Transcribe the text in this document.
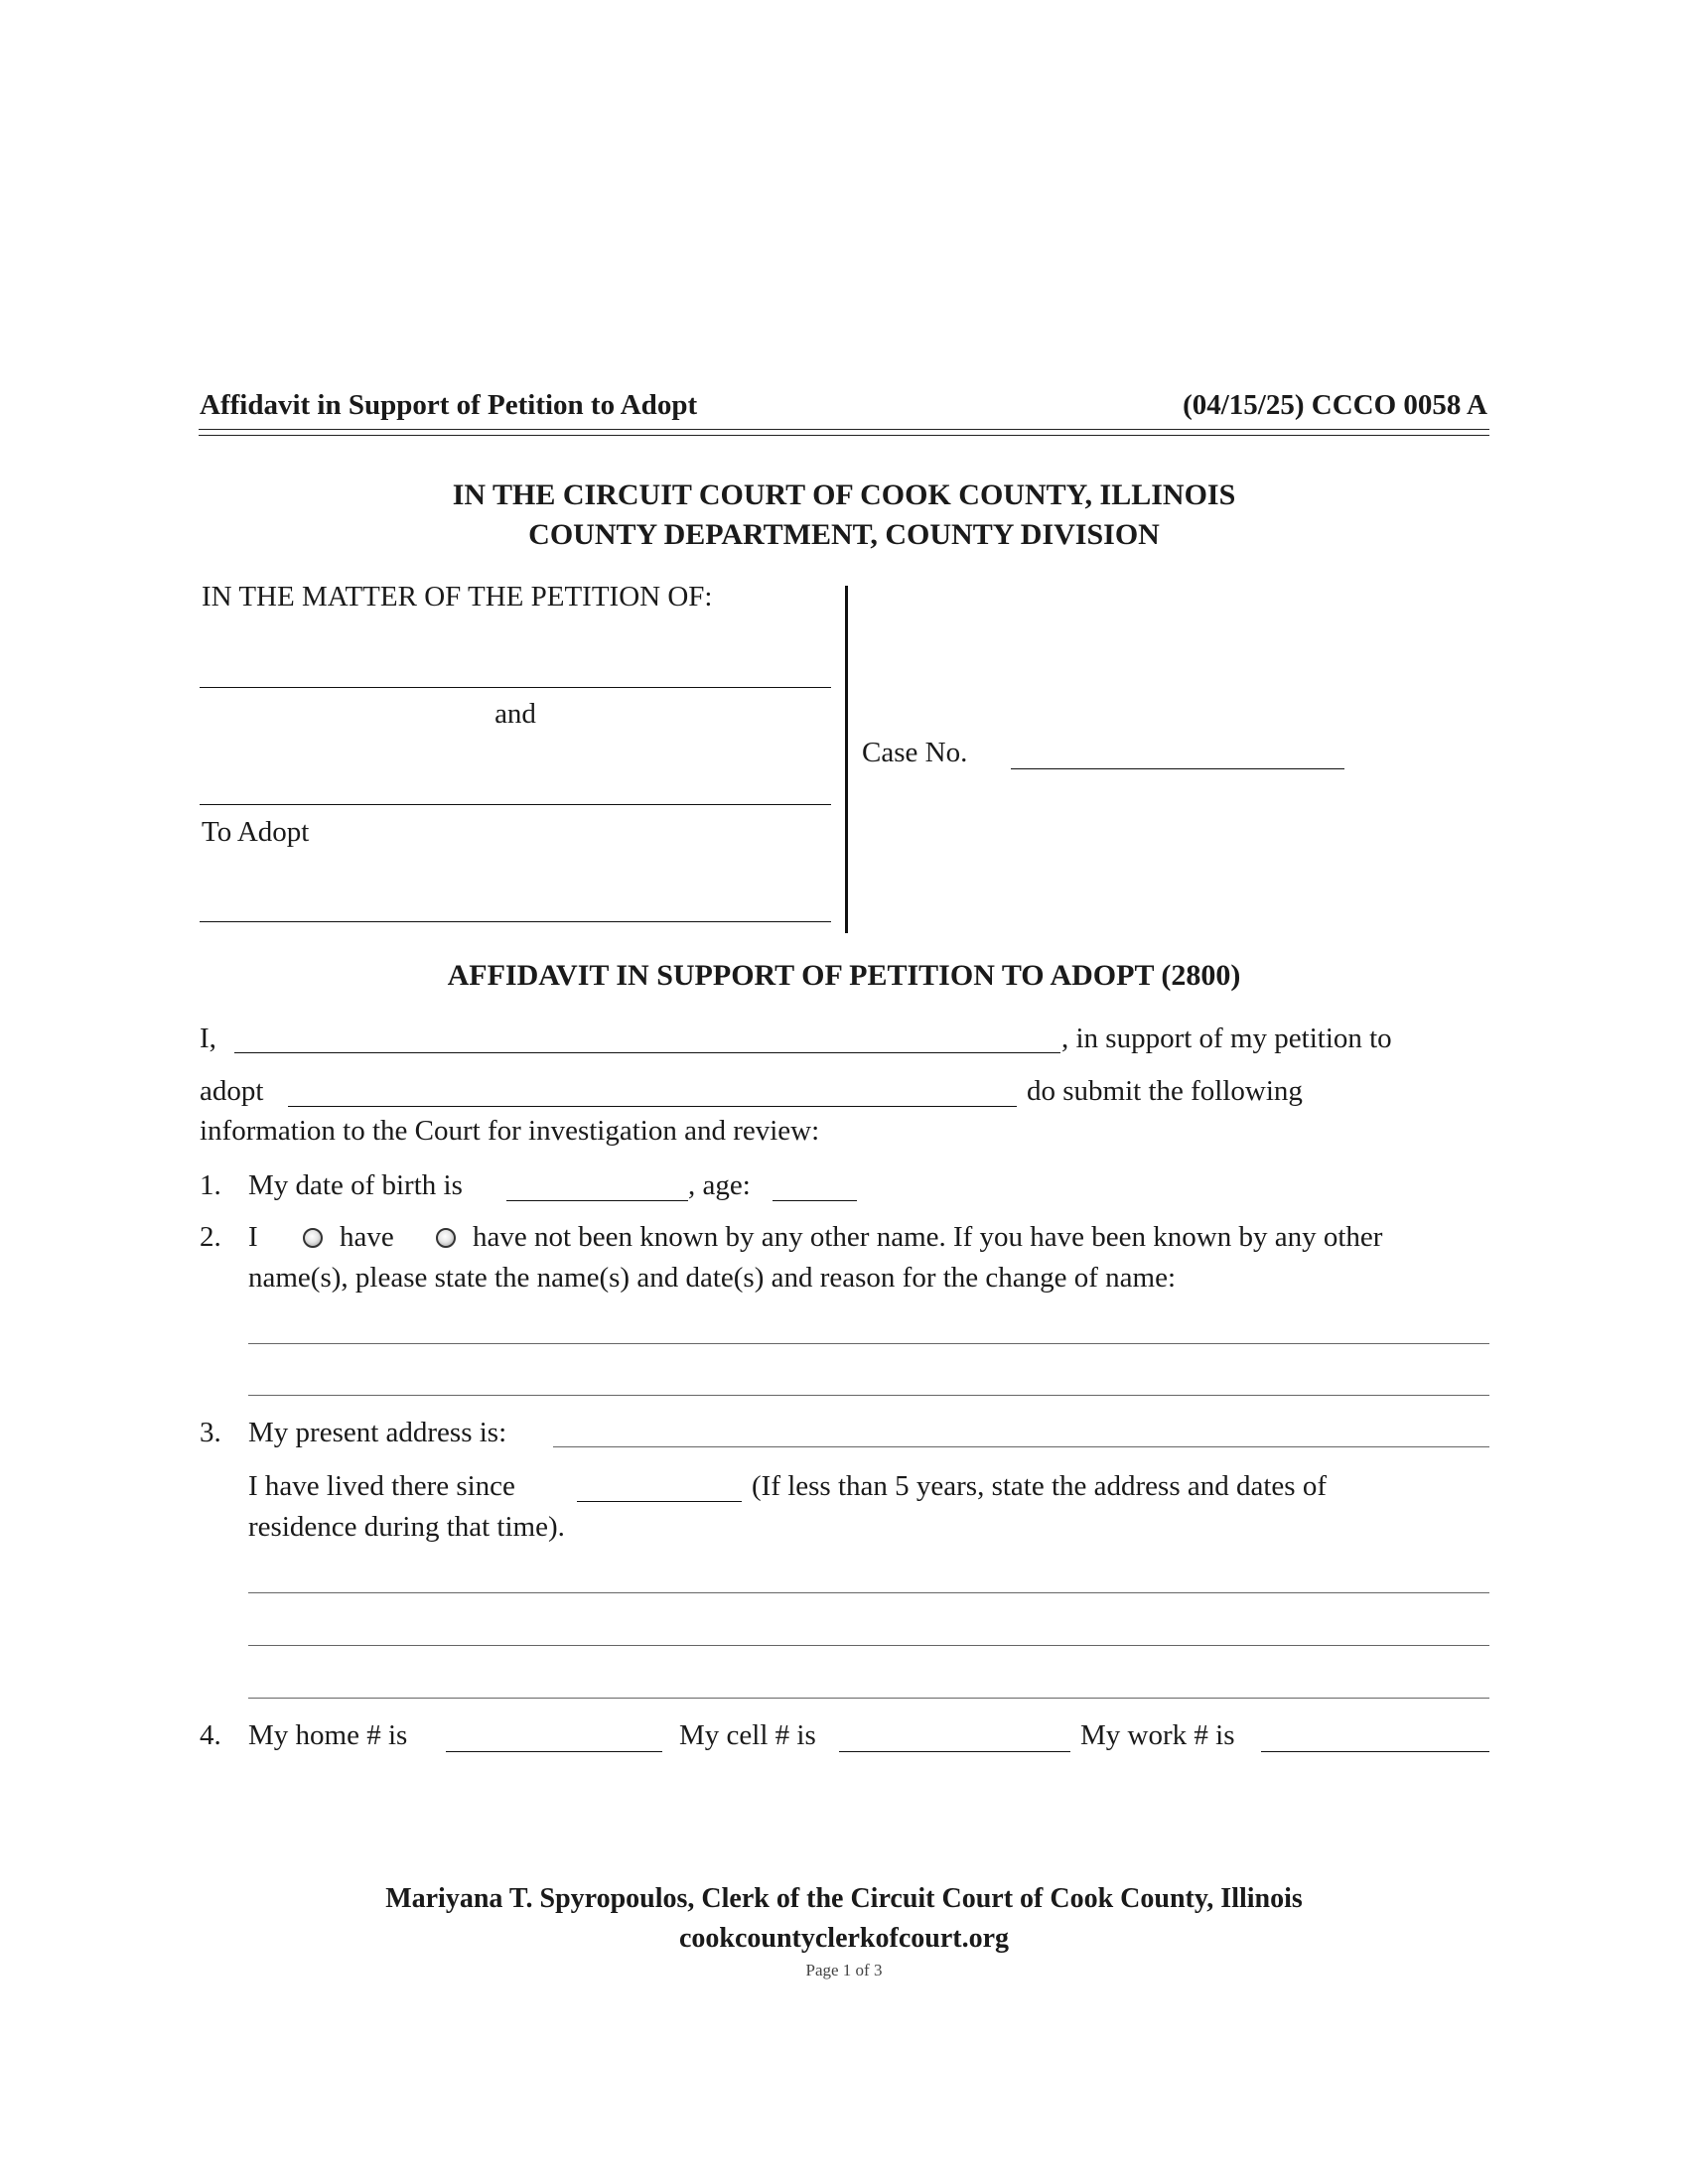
Affidavit in Support of Petition to Adopt	(04/15/25) CCCO 0058 A
IN THE CIRCUIT COURT OF COOK COUNTY, ILLINOIS
COUNTY DEPARTMENT, COUNTY DIVISION
IN THE MATTER OF THE PETITION OF:
and
To Adopt
Case No.
AFFIDAVIT IN SUPPORT OF PETITION TO ADOPT (2800)
I,	, in support of my petition to
adopt	do submit the following
information to the Court for investigation and review:
1. My date of birth is	, age:
2. I	have	have not been known by any other name. If you have been known by any other
name(s), please state the name(s) and date(s) and reason for the change of name:
3. My present address is:
I have lived there since	(If less than 5 years, state the address and dates of
residence during that time).
4. My home # is	My cell # is	My work # is
Mariyana T. Spyropoulos, Clerk of the Circuit Court of Cook County, Illinois
cookcountyclerkofcourt.org
Page 1 of 3
